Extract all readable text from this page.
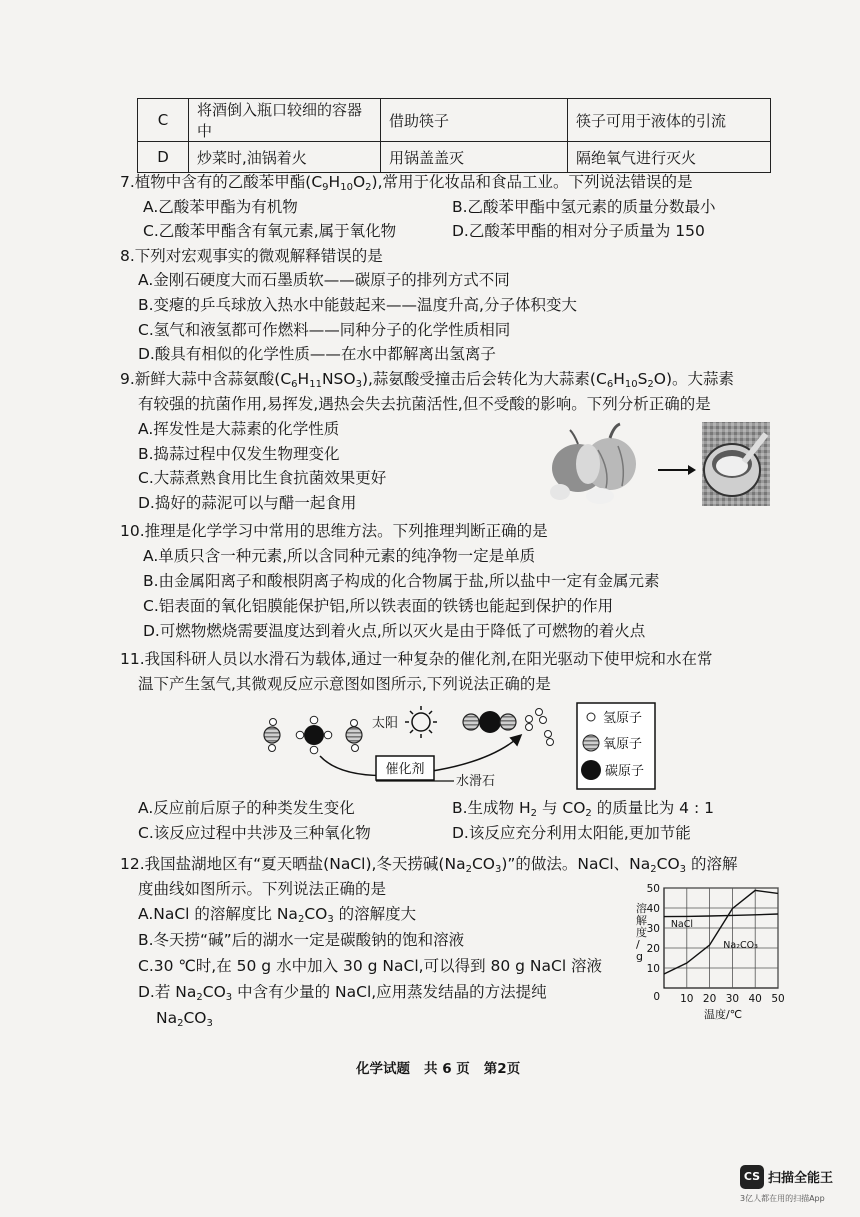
C	将酒倒入瓶口较细的容器中	借助筷子	筷子可用于液体的引流
D	炒菜时,油锅着火	用锅盖盖灭	隔绝氧气进行灭火
7.植物中含有的乙酸苯甲酯$(C_9H_{10}O_2)$,常用于化妆品和食品工业。下列说法错误的是
A.乙酸苯甲酯为有机物	B.乙酸苯甲酯中氢元素的质量分数最小
C.乙酸苯甲酯含有氧元素,属于氧化物	D.乙酸苯甲酯的相对分子质量为 150
8.下列对宏观事实的微观解释错误的是
A.金刚石硬度大而石墨质软——碳原子的排列方式不同
B.变瘪的乒乓球放入热水中能鼓起来——温度升高,分子体积变大
C.氢气和液氢都可作燃料——同种分子的化学性质相同
D.酸具有相似的化学性质——在水中都解离出氢离子
9.新鲜大蒜中含蒜氨酸$(C_6H_{11}NSO_3)$,蒜氨酸受撞击后会转化为大蒜素$(C_6H_{10}S_2O)$。大蒜素
有较强的抗菌作用,易挥发,遇热会失去抗菌活性,但不受酸的影响。下列分析正确的是
A.挥发性是大蒜素的化学性质
B.捣蒜过程中仅发生物理变化
C.大蒜煮熟食用比生食抗菌效果更好
D.捣好的蒜泥可以与醋一起食用
10.推理是化学学习中常用的思维方法。下列推理判断正确的是
A.单质只含一种元素,所以含同种元素的纯净物一定是单质
B.由金属阳离子和酸根阴离子构成的化合物属于盐,所以盐中一定有金属元素
C.铝表面的氧化铝膜能保护铝,所以铁表面的铁锈也能起到保护的作用
D.可燃物燃烧需要温度达到着火点,所以灭火是由于降低了可燃物的着火点
11.我国科研人员以水滑石为载体,通过一种复杂的催化剂,在阳光驱动下使甲烷和水在常
温下产生氢气,其微观反应示意图如图所示,下列说法正确的是
太阳
催化剂
水滑石
氢原子
氧原子
碳原子
A.反应前后原子的种类发生变化	B.生成物 $H_2$ 与 $CO_2$ 的质量比为 4 : 1
C.该反应过程中共涉及三种氧化物	D.该反应充分利用太阳能,更加节能
12.我国盐湖地区有“夏天晒盐(NaCl),冬天捞碱$(Na_2CO_3)$”的做法。NaCl、$Na_2CO_3$ 的溶解
度曲线如图所示。下列说法正确的是
A.NaCl 的溶解度比 $Na_2CO_3$ 的溶解度大
B.冬天捞“碱”后的湖水一定是碳酸钠的饱和溶液
C.30 ℃时,在 50 g 水中加入 30 g NaCl,可以得到 80 g NaCl 溶液
D.若 $Na_2CO_3$ 中含有少量的 NaCl,应用蒸发结晶的方法提纯
$Na_2CO_3$
10
20
30
40
50
10 20 30 40 50
0
NaCl
Na₂CO₃
溶解度/ g
温度/℃
化学试题 共 6 页 第2页
CS 扫描全能王
3亿人都在用的扫描App
